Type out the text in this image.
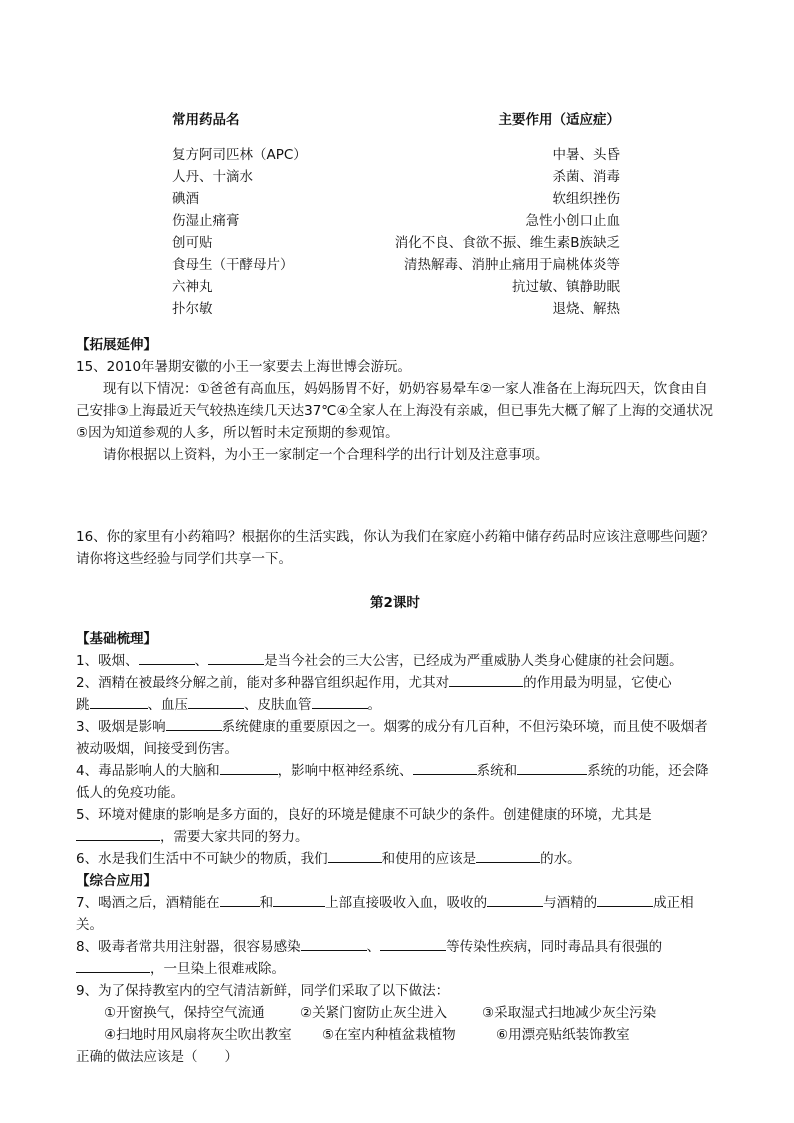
常用药品名	主要作用（适应症）
复方阿司匹林（APC）	中暑、头昏
人丹、十滴水	杀菌、消毒
碘酒	软组织挫伤
伤湿止痛膏	急性小创口止血
创可贴	消化不良、食欲不振、维生素B族缺乏
食母生（干酵母片）	清热解毒、消肿止痛用于扁桃体炎等
六神丸	抗过敏、镇静助眠
扑尔敏	退烧、解热
【拓展延伸】
15、2010年暑期安徽的小王一家要去上海世博会游玩。
现有以下情况：①爸爸有高血压，妈妈肠胃不好，奶奶容易晕车②一家人准备在上海玩四天，饮食由自己安排③上海最近天气较热连续几天达37℃④全家人在上海没有亲戚，但已事先大概了解了上海的交通状况⑤因为知道参观的人多，所以暂时未定预期的参观馆。
请你根据以上资料，为小王一家制定一个合理科学的出行计划及注意事项。
16、你的家里有小药箱吗？根据你的生活实践，你认为我们在家庭小药箱中储存药品时应该注意哪些问题？请你将这些经验与同学们共享一下。
第2课时
【基础梳理】
1、吸烟、	、	是当今社会的三大公害，已经成为严重威胁人类身心健康的社会问题。
2、酒精在被最终分解之前，能对多种器官组织起作用，尤其对	的作用最为明显，它使心
跳	、血压	、皮肤血管	。
3、吸烟是影响	系统健康的重要原因之一。烟雾的成分有几百种，不但污染环境，而且使不吸烟者被动吸烟，间接受到伤害。
4、毒品影响人的大脑和	，影响中枢神经系统、	系统和	系统的功能，还会降低人的免疫功能。
5、环境对健康的影响是多方面的，良好的环境是健康不可缺少的条件。创建健康的环境，尤其是，需要大家共同的努力。
6、水是我们生活中不可缺少的物质，我们	和使用的应该是	的水。
【综合应用】
7、喝酒之后，酒精能在	和	上部直接吸收入血，吸收的	与酒精的	成正相关。
8、吸毒者常共用注射器，很容易感染	、	等传染性疾病，同时毒品具有很强的，一旦染上很难戒除。
9、为了保持教室内的空气清洁新鲜，同学们采取了以下做法：
①开窗换气，保持空气流通	②关紧门窗防止灰尘进入	③采取湿式扫地减少灰尘污染
④扫地时用风扇将灰尘吹出教室 ⑤在室内种植盆栽植物	⑥用漂亮贴纸装饰教室
正确的做法应该是（　　）
